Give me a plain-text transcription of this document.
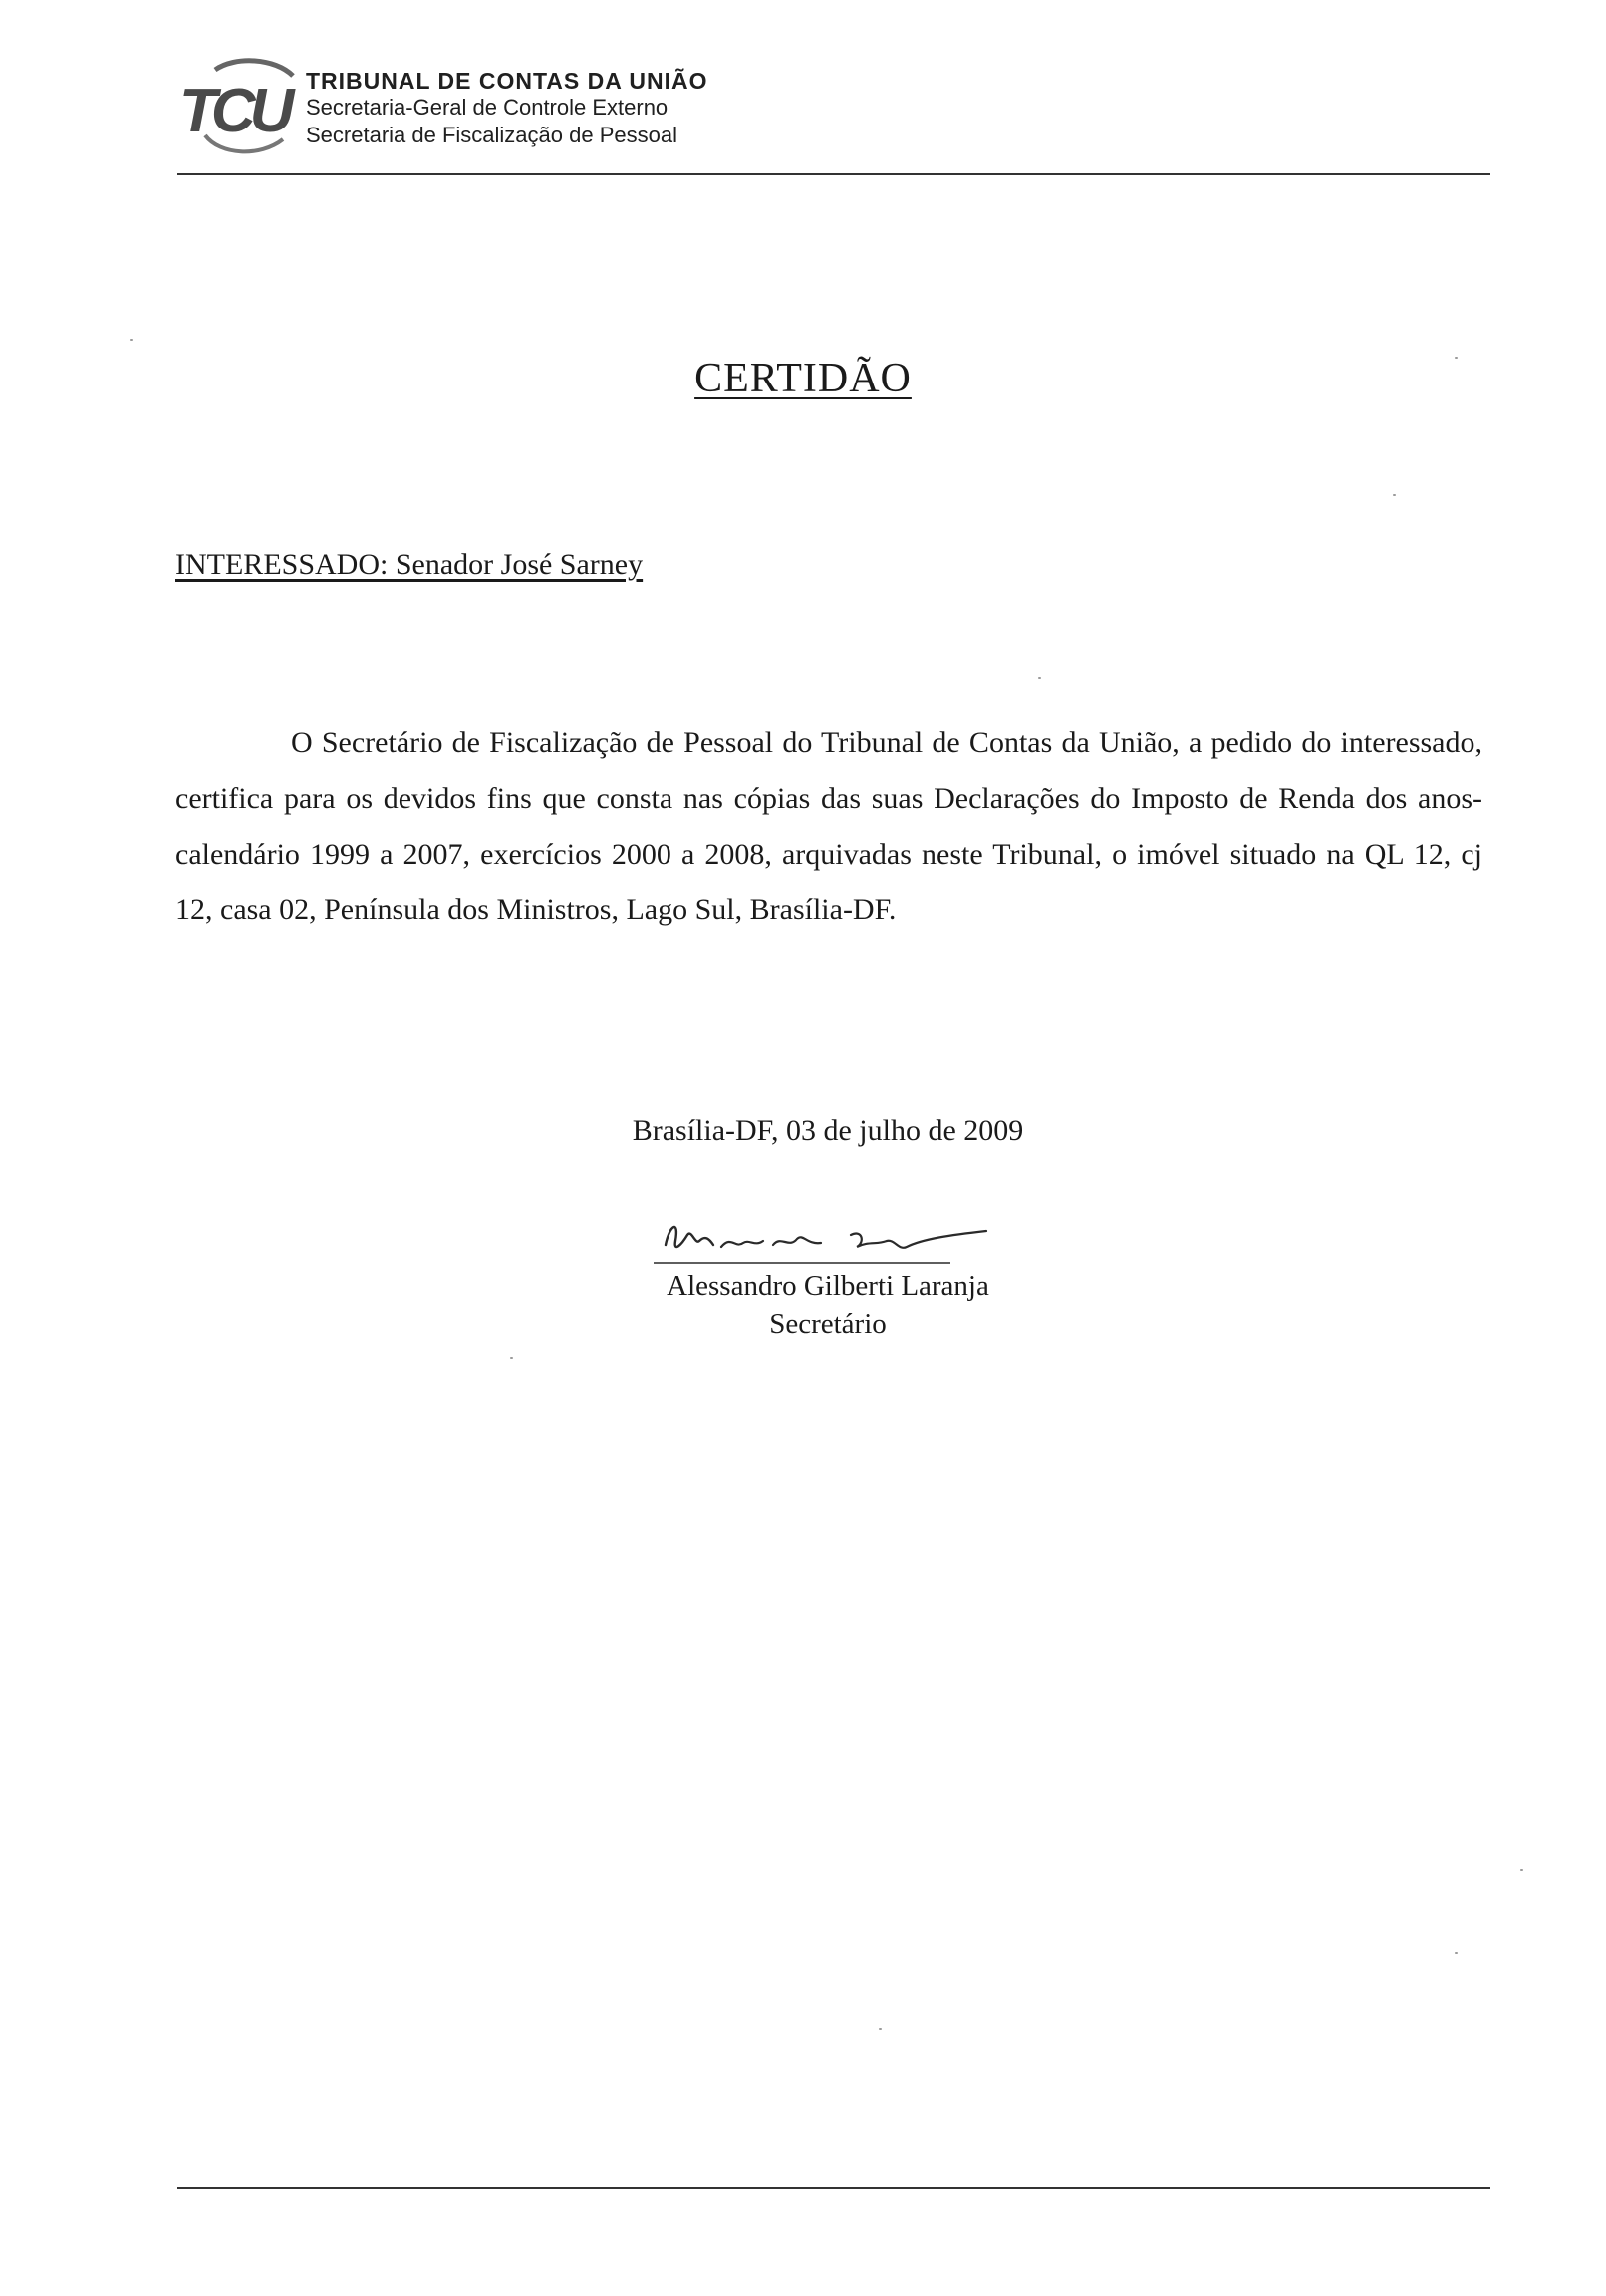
TCU TRIBUNAL DE CONTAS DA UNIÃO
Secretaria-Geral de Controle Externo
Secretaria de Fiscalização de Pessoal
CERTIDÃO
INTERESSADO: Senador José Sarney

O Secretário de Fiscalização de Pessoal do Tribunal de Contas da União, a pedido do interessado, certifica para os devidos fins que consta nas cópias das suas Declarações do Imposto de Renda dos anos-calendário 1999 a 2007, exercícios 2000 a 2008, arquivadas neste Tribunal, o imóvel situado na QL 12, cj 12, casa 02, Península dos Ministros, Lago Sul, Brasília-DF.

Brasília-DF, 03 de julho de 2009
Alessandro Gilberti Laranja
Secretário
